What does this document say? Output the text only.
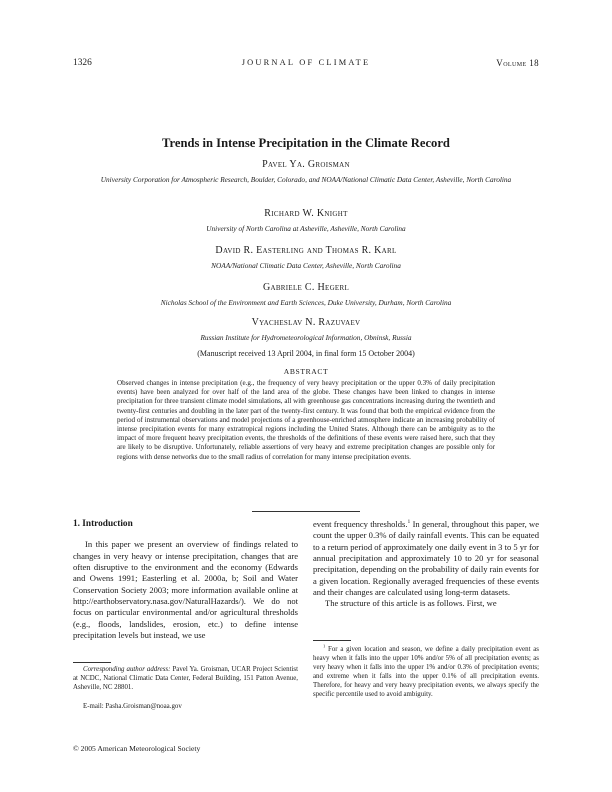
1326	JOURNAL OF CLIMATE	Volume 18
Trends in Intense Precipitation in the Climate Record
Pavel Ya. Groisman
University Corporation for Atmospheric Research, Boulder, Colorado, and NOAA/National Climatic Data Center, Asheville, North Carolina
Richard W. Knight
University of North Carolina at Asheville, Asheville, North Carolina
David R. Easterling and Thomas R. Karl
NOAA/National Climatic Data Center, Asheville, North Carolina
Gabriele C. Hegerl
Nicholas School of the Environment and Earth Sciences, Duke University, Durham, North Carolina
Vyacheslav N. Razuvaev
Russian Institute for Hydrometeorological Information, Obninsk, Russia
(Manuscript received 13 April 2004, in final form 15 October 2004)
ABSTRACT
Observed changes in intense precipitation (e.g., the frequency of very heavy precipitation or the upper 0.3% of daily precipitation events) have been analyzed for over half of the land area of the globe. These changes have been linked to changes in intense precipitation for three transient climate model simulations, all with greenhouse gas concentrations increasing during the twentieth and twenty-first centuries and doubling in the later part of the twenty-first century. It was found that both the empirical evidence from the period of instrumental observations and model projections of a greenhouse-enriched atmosphere indicate an increasing probability of intense precipitation events for many extratropical regions including the United States. Although there can be ambiguity as to the impact of more frequent heavy precipitation events, the thresholds of the definitions of these events were raised here, such that they are likely to be disruptive. Unfortunately, reliable assertions of very heavy and extreme precipitation changes are possible only for regions with dense networks due to the small radius of correlation for many intense precipitation events.
1. Introduction
In this paper we present an overview of findings related to changes in very heavy or intense precipitation, changes that are often disruptive to the environment and the economy (Edwards and Owens 1991; Easterling et al. 2000a, b; Soil and Water Conservation Society 2003; more information available online at http://earthobservatory.nasa.gov/NaturalHazards/). We do not focus on particular environmental and/or agricultural thresholds (e.g., floods, landslides, erosion, etc.) to define intense precipitation levels but instead, we use
event frequency thresholds.$^1$ In general, throughout this paper, we count the upper 0.3% of daily rainfall events. This can be equated to a return period of approximately one daily event in 3 to 5 yr for annual precipitation and approximately 10 to 20 yr for seasonal precipitation, depending on the probability of daily rain events for a given location. Regionally averaged frequencies of these events and their changes are calculated using long-term datasets.
The structure of this article is as follows. First, we
Corresponding author address: Pavel Ya. Groisman, UCAR Project Scientist at NCDC, National Climatic Data Center, Federal Building, 151 Patton Avenue, Asheville, NC 28801.
E-mail: Pasha.Groisman@noaa.gov
$^1$ For a given location and season, we define a daily precipitation event as heavy when it falls into the upper 10% and/or 5% of all precipitation events; as very heavy when it falls into the upper 1% and/or 0.3% of precipitation events; and extreme when it falls into the upper 0.1% of all precipitation events. Therefore, for heavy and very heavy precipitation events, we always specify the specific percentile used to avoid ambiguity.
© 2005 American Meteorological Society
